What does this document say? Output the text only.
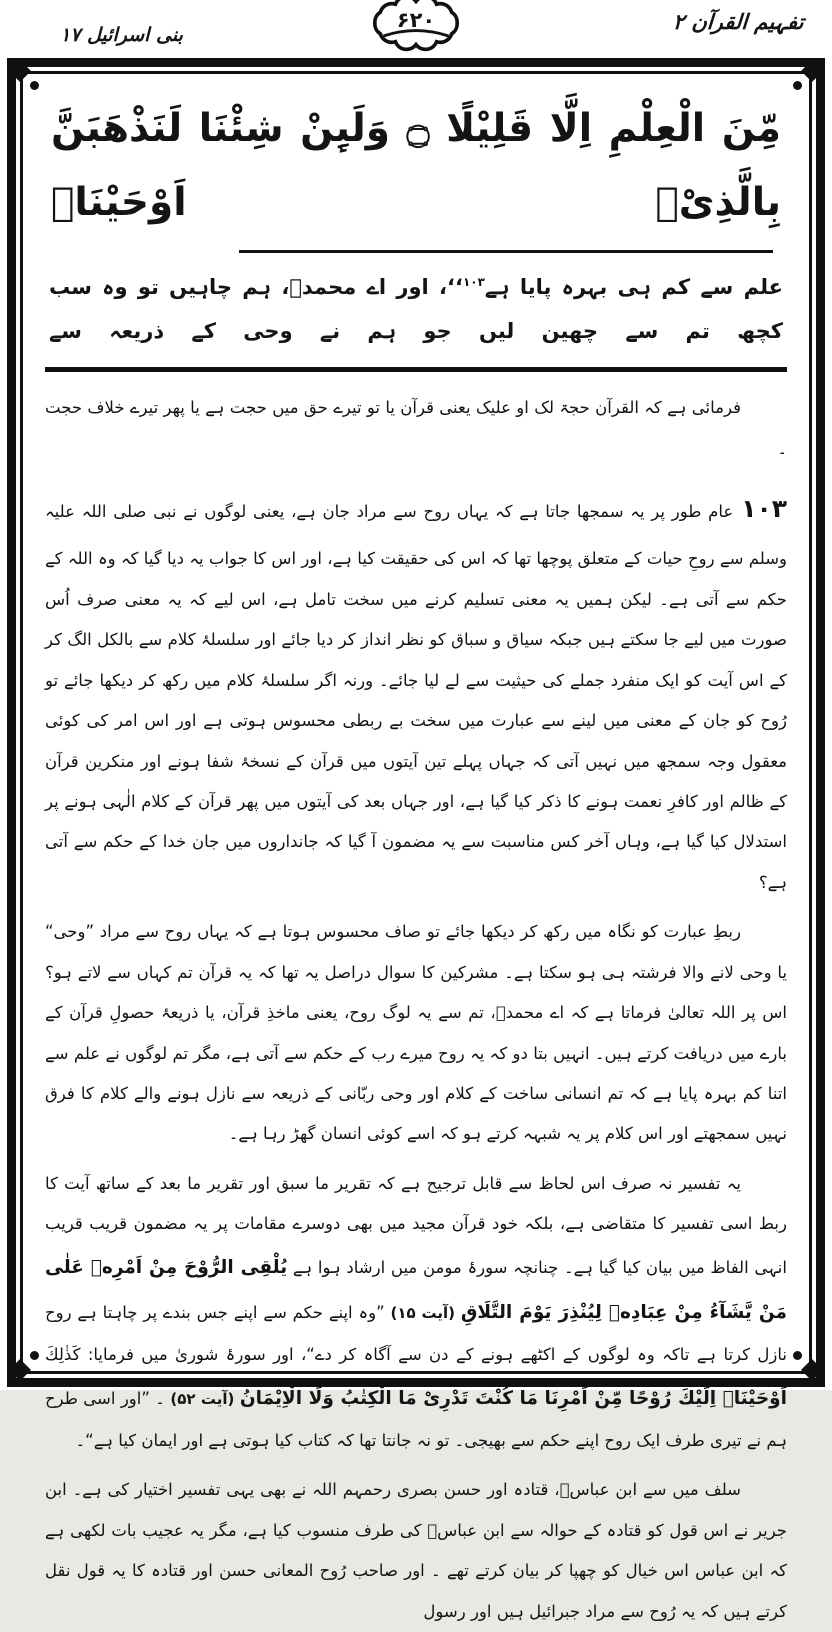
تفہیم القرآن ۲
۶۲۰
بنی اسرائیل ۱۷
مِّنَ الْعِلْمِ اِلَّا قَلِیْلًا ۝ وَلَىِٕنْ شِئْنَا لَنَذْهَبَنَّ بِالَّذِیْۤ اَوْحَیْنَاۤ
علم سے کم ہی بہرہ پایا ہے$^{۱۰۳}$‘‘، اور اے محمدؐ، ہم چاہیں تو وہ سب کچھ تم سے چھین لیں جو ہم نے وحی کے ذریعہ سے

فرمائی ہے کہ القرآن حجۃ لک او علیک یعنی قرآن یا تو تیرے حق میں حجت ہے یا پھر تیرے خلاف حجت ۔

۱۰۳عام طور پر یہ سمجھا جاتا ہے کہ یہاں روح سے مراد جان ہے، یعنی لوگوں نے نبی صلی اللہ علیہ وسلم سے روحِ حیات کے متعلق پوچھا تھا کہ اس کی حقیقت کیا ہے، اور اس کا جواب یہ دیا گیا کہ وہ اللہ کے حکم سے آتی ہے۔ لیکن ہمیں یہ معنی تسلیم کرنے میں سخت تامل ہے، اس لیے کہ یہ معنی صرف اُس صورت میں لیے جا سکتے ہیں جبکہ سیاق و سباق کو نظر انداز کر دیا جائے اور سلسلۂ کلام سے بالکل الگ کر کے اس آیت کو ایک منفرد جملے کی حیثیت سے لے لیا جائے۔ ورنہ اگر سلسلۂ کلام میں رکھ کر دیکھا جائے تو رُوح کو جان کے معنی میں لینے سے عبارت میں سخت بے ربطی محسوس ہوتی ہے اور اس امر کی کوئی معقول وجہ سمجھ میں نہیں آتی کہ جہاں پہلے تین آیتوں میں قرآن کے نسخۂ شفا ہونے اور منکرین قرآن کے ظالم اور کافرِ نعمت ہونے کا ذکر کیا گیا ہے، اور جہاں بعد کی آیتوں میں پھر قرآن کے کلام الٰہی ہونے پر استدلال کیا گیا ہے، وہاں آخر کس مناسبت سے یہ مضمون آ گیا کہ جانداروں میں جان خدا کے حکم سے آتی ہے؟

ربطِ عبارت کو نگاہ میں رکھ کر دیکھا جائے تو صاف محسوس ہوتا ہے کہ یہاں روح سے مراد ”وحی“ یا وحی لانے والا فرشتہ ہی ہو سکتا ہے۔ مشرکین کا سوال دراصل یہ تھا کہ یہ قرآن تم کہاں سے لاتے ہو؟ اس پر اللہ تعالیٰ فرماتا ہے کہ اے محمدؐ، تم سے یہ لوگ روح، یعنی ماخذِ قرآن، یا ذریعۂ حصولِ قرآن کے بارے میں دریافت کرتے ہیں۔ انہیں بتا دو کہ یہ روح میرے رب کے حکم سے آتی ہے، مگر تم لوگوں نے علم سے اتنا کم بہرہ پایا ہے کہ تم انسانی ساخت کے کلام اور وحی ربّانی کے ذریعہ سے نازل ہونے والے کلام کا فرق نہیں سمجھتے اور اس کلام پر یہ شبہہ کرتے ہو کہ اسے کوئی انسان گھڑ رہا ہے۔

یہ تفسیر نہ صرف اس لحاظ سے قابل ترجیح ہے کہ تقریر ما سبق اور تقریر ما بعد کے ساتھ آیت کا ربط اسی تفسیر کا متقاضی ہے، بلکہ خود قرآن مجید میں بھی دوسرے مقامات پر یہ مضمون قریب قریب انہی الفاظ میں بیان کیا گیا ہے۔ چنانچہ سورۂ مومن میں ارشاد ہوا ہے یُلْقِی الرُّوْحَ مِنْ اَمْرِهٖ عَلٰی مَنْ یَّشَآءُ مِنْ عِبَادِهٖ لِیُنْذِرَ یَوْمَ التَّلَاقِ (آیت ۱۵) ”وہ اپنے حکم سے اپنے جس بندے پر چاہتا ہے روح نازل کرتا ہے تاکہ وہ لوگوں کے اکٹھے ہونے کے دن سے آگاہ کر دے“، اور سورۂ شوریٰ میں فرمایا: كَذٰلِكَ اَوْحَیْنَاۤ اِلَیْكَ رُوْحًا مِّنْ اَمْرِنَا مَا كُنْتَ تَدْرِیْ مَا الْكِتٰبُ وَلَا الْاِیْمَانُ (آیت ۵۲) ۔ ”اور اسی طرح ہم نے تیری طرف ایک روح اپنے حکم سے بھیجی۔ تو نہ جانتا تھا کہ کتاب کیا ہوتی ہے اور ایمان کیا ہے“۔

سلف میں سے ابن عباسؓ، قتادہ اور حسن بصری رحمہم اللہ نے بھی یہی تفسیر اختیار کی ہے۔ ابن جریر نے اس قول کو قتادہ کے حوالہ سے ابن عباسؓ کی طرف منسوب کیا ہے، مگر یہ عجیب بات لکھی ہے کہ ابن عباس اس خیال کو چھپا کر بیان کرتے تھے ۔ اور صاحب رُوح المعانی حسن اور قتادہ کا یہ قول نقل کرتے ہیں کہ یہ رُوح سے مراد جبرائیل ہیں اور رسول
